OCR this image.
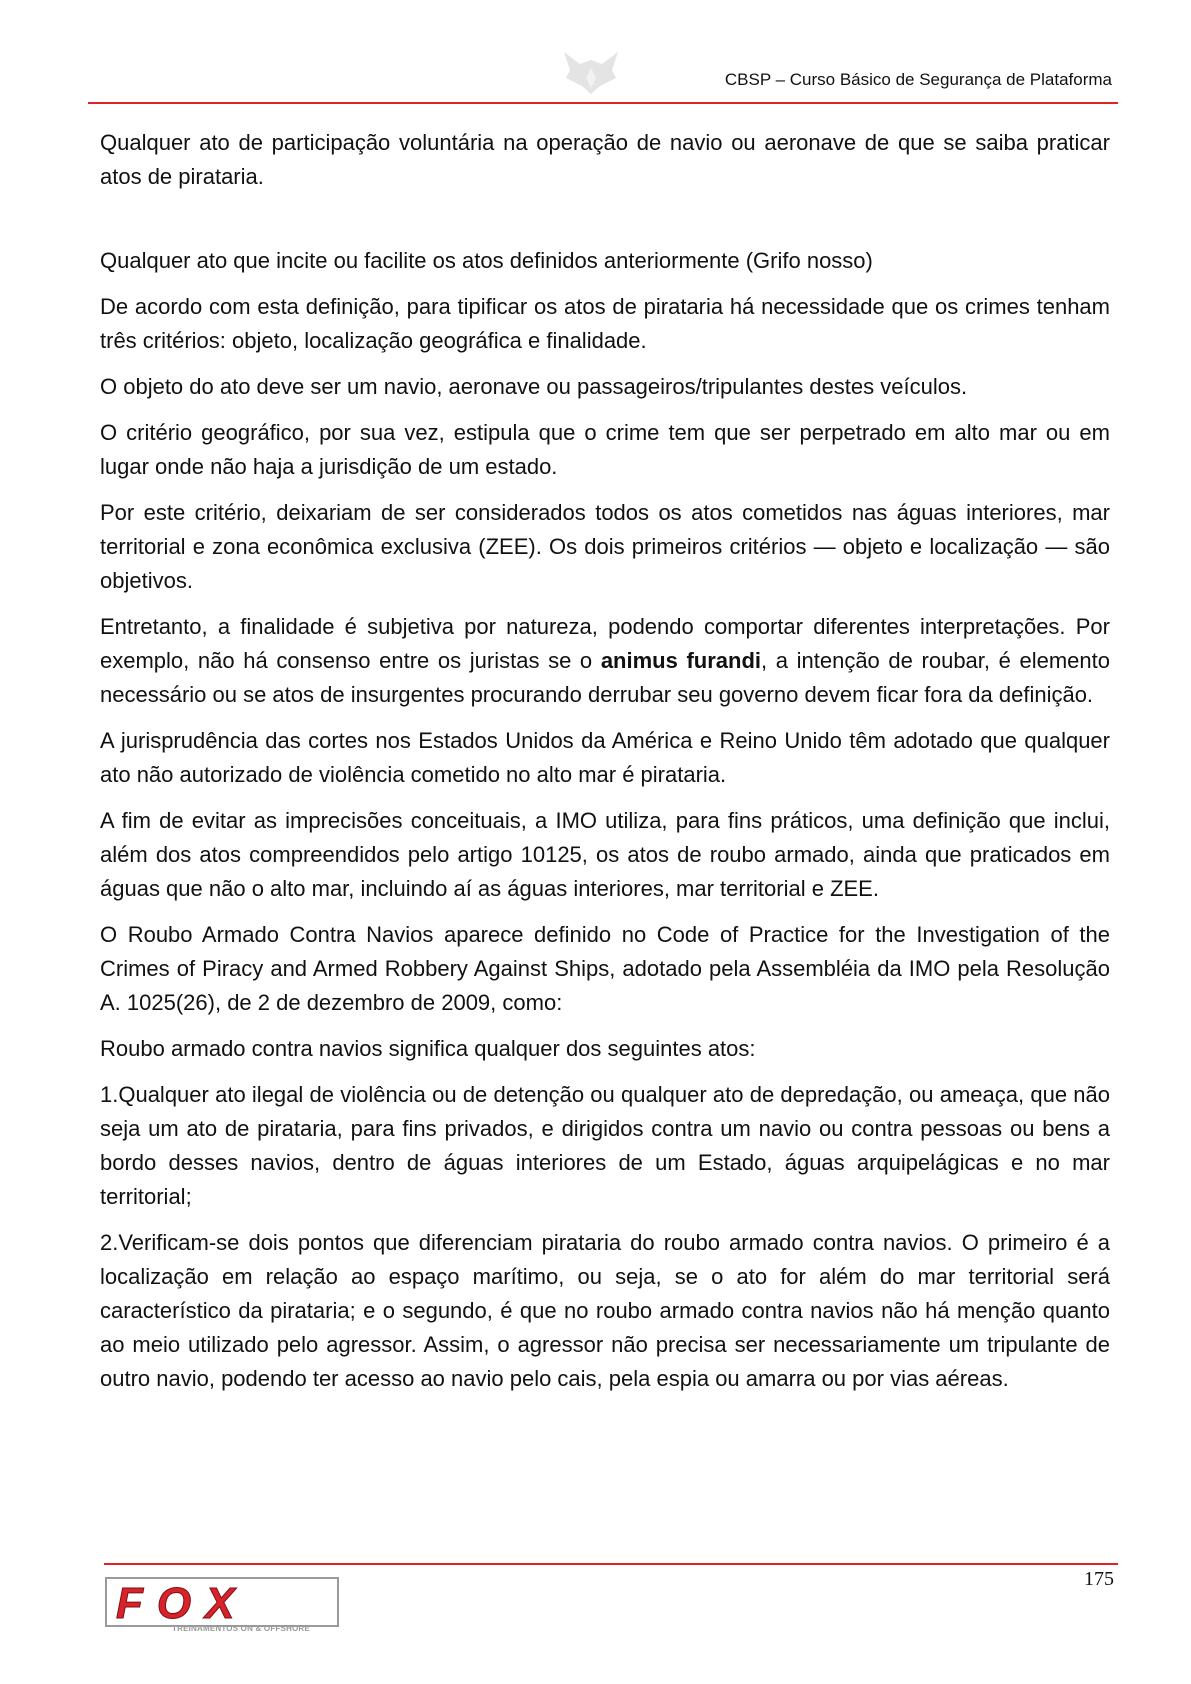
CBSP – Curso Básico de Segurança de Plataforma

Qualquer ato de participação voluntária na operação de navio ou aeronave de que se saiba praticar atos de pirataria.

Qualquer ato que incite ou facilite os atos definidos anteriormente (Grifo nosso)

De acordo com esta definição, para tipificar os atos de pirataria há necessidade que os crimes tenham três critérios: objeto, localização geográfica e finalidade.

O objeto do ato deve ser um navio, aeronave ou passageiros/tripulantes destes veículos.

O critério geográfico, por sua vez, estipula que o crime tem que ser perpetrado em alto mar ou em lugar onde não haja a jurisdição de um estado.

Por este critério, deixariam de ser considerados todos os atos cometidos nas águas interiores, mar territorial e zona econômica exclusiva (ZEE). Os dois primeiros critérios — objeto e localização — são objetivos.

Entretanto, a finalidade é subjetiva por natureza, podendo comportar diferentes interpretações. Por exemplo, não há consenso entre os juristas se o animus furandi, a intenção de roubar, é elemento necessário ou se atos de insurgentes procurando derrubar seu governo devem ficar fora da definição.

A jurisprudência das cortes nos Estados Unidos da América e Reino Unido têm adotado que qualquer ato não autorizado de violência cometido no alto mar é pirataria.

A fim de evitar as imprecisões conceituais, a IMO utiliza, para fins práticos, uma definição que inclui, além dos atos compreendidos pelo artigo 10125, os atos de roubo armado, ainda que praticados em águas que não o alto mar, incluindo aí as águas interiores, mar territorial e ZEE.

O Roubo Armado Contra Navios aparece definido no Code of Practice for the Investigation of the Crimes of Piracy and Armed Robbery Against Ships, adotado pela Assembléia da IMO pela Resolução A. 1025(26), de 2 de dezembro de 2009, como:

Roubo armado contra navios significa qualquer dos seguintes atos:

1.Qualquer ato ilegal de violência ou de detenção ou qualquer ato de depredação, ou ameaça, que não seja um ato de pirataria, para fins privados, e dirigidos contra um navio ou contra pessoas ou bens a bordo desses navios, dentro de águas interiores de um Estado, águas arquipelágicas e no mar territorial;

2.Verificam-se dois pontos que diferenciam pirataria do roubo armado contra navios. O primeiro é a localização em relação ao espaço marítimo, ou seja, se o ato for além do mar territorial será característico da pirataria; e o segundo, é que no roubo armado contra navios não há menção quanto ao meio utilizado pelo agressor. Assim, o agressor não precisa ser necessariamente um tripulante de outro navio, podendo ter acesso ao navio pelo cais, pela espia ou amarra ou por vias aéreas.

175
FOX
TREINAMENTOS ON & OFFSHORE
